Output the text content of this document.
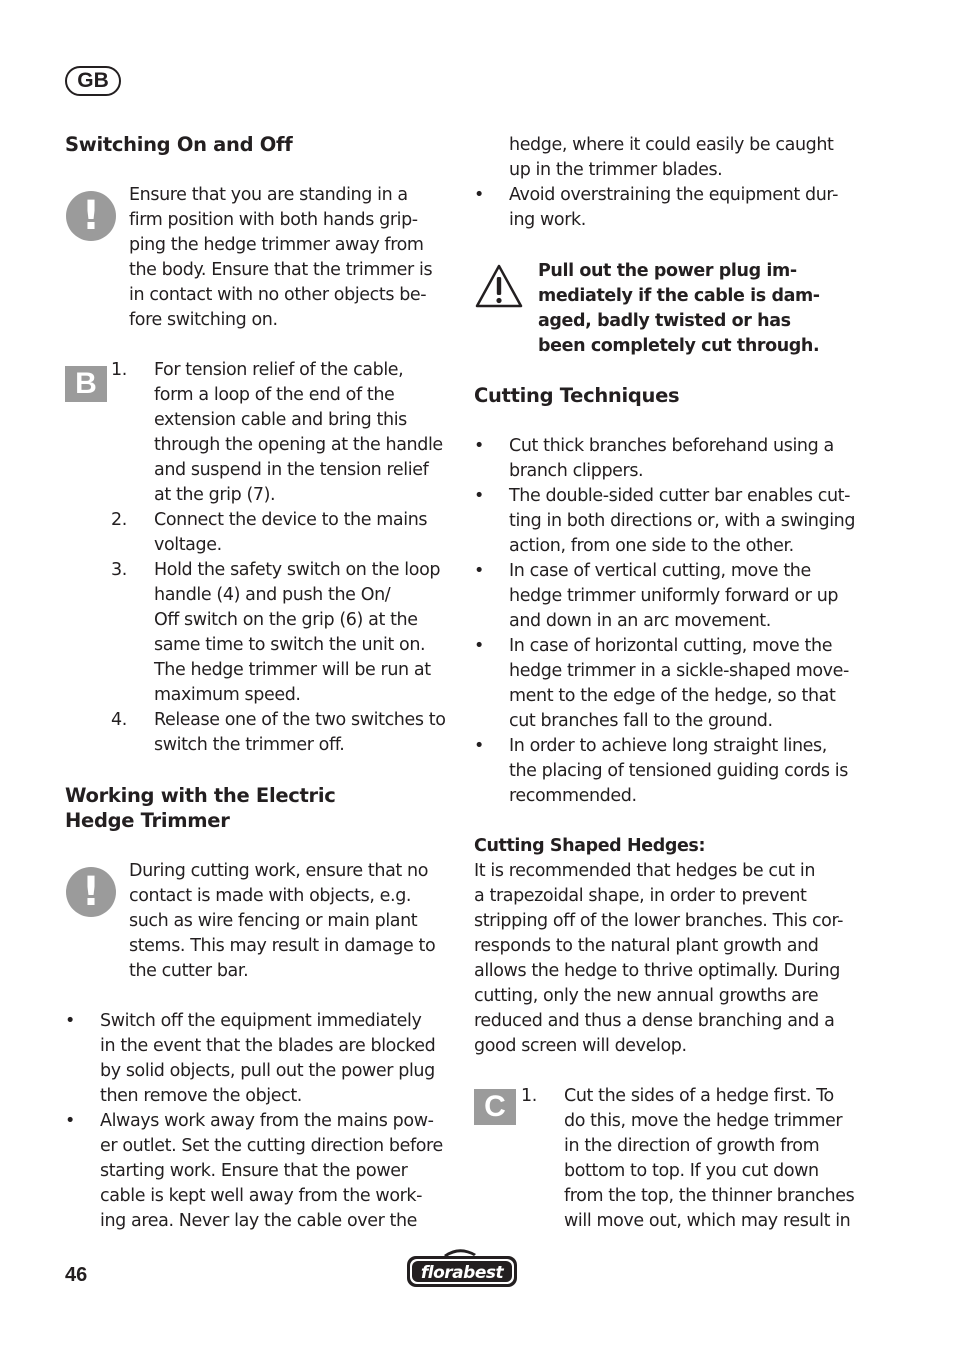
GB
Switching On and Off
!	Ensure that you are standing in a
firm position with both hands grip-
ping the hedge trimmer away from
the body. Ensure that the trimmer is
in contact with no other objects be-
fore switching on.
B 1. For tension relief of the cable,
form a loop of the end of the
extension cable and bring this
through the opening at the handle
and suspend in the tension relief
at the grip (7).
2. Connect the device to the mains
voltage.
3. Hold the safety switch on the loop
handle (4) and push the On/
Off switch on the grip (6) at the
same time to switch the unit on.
The hedge trimmer will be run at
maximum speed.
4. Release one of the two switches to
switch the trimmer off.
Working with the Electric
Hedge Trimmer
!	During cutting work, ensure that no
contact is made with objects, e.g.
such as wire fencing or main plant
stems. This may result in damage to
the cutter bar.
• Switch off the equipment immediately
in the event that the blades are blocked
by solid objects, pull out the power plug
then remove the object.
• Always work away from the mains pow-
er outlet. Set the cutting direction before
starting work. Ensure that the power
cable is kept well away from the work-
ing area. Never lay the cable over the
hedge, where it could easily be caught
up in the trimmer blades.
• Avoid overstraining the equipment dur-
ing work.
Pull out the power plug im-
mediately if the cable is dam-
aged, badly twisted or has
been completely cut through.
Cutting Techniques
• Cut thick branches beforehand using a
branch clippers.
• The double-sided cutter bar enables cut-
ting in both directions or, with a swinging
action, from one side to the other.
• In case of vertical cutting, move the
hedge trimmer uniformly forward or up
and down in an arc movement.
• In case of horizontal cutting, move the
hedge trimmer in a sickle-shaped move-
ment to the edge of the hedge, so that
cut branches fall to the ground.
• In order to achieve long straight lines,
the placing of tensioned guiding cords is
recommended.
Cutting Shaped Hedges:
It is recommended that hedges be cut in
a trapezoidal shape, in order to prevent
stripping off of the lower branches. This cor-
responds to the natural plant growth and
allows the hedge to thrive optimally. During
cutting, only the new annual growths are
reduced and thus a dense branching and a
good screen will develop.
C 1. Cut the sides of a hedge first. To
do this, move the hedge trimmer
in the direction of growth from
bottom to top. If you cut down
from the top, the thinner branches
will move out, which may result in
46	florabest
